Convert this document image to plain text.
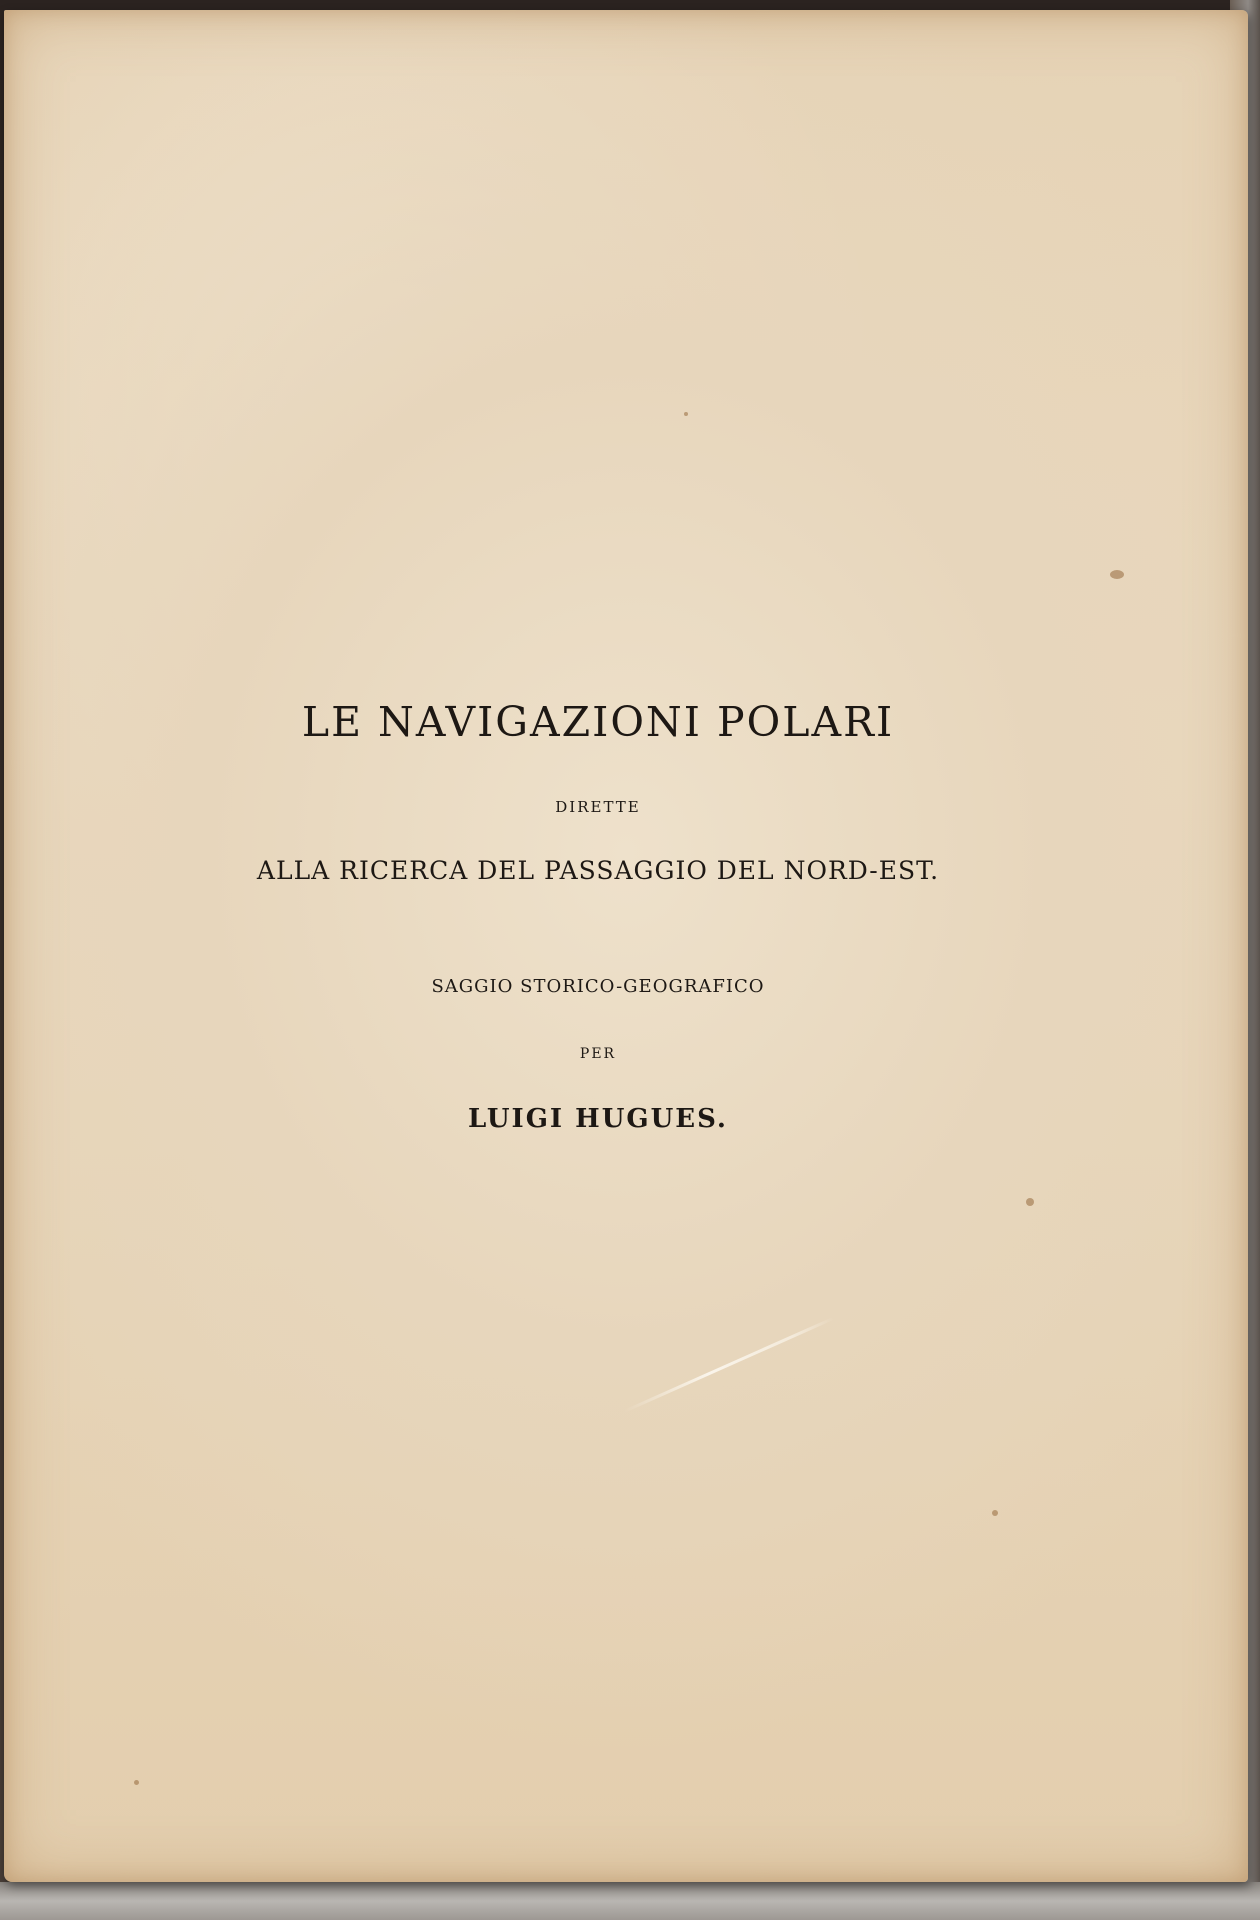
LE NAVIGAZIONI POLARI
DIRETTE
ALLA RICERCA DEL PASSAGGIO DEL NORD-EST.
SAGGIO STORICO-GEOGRAFICO
PER
LUIGI HUGUES.
